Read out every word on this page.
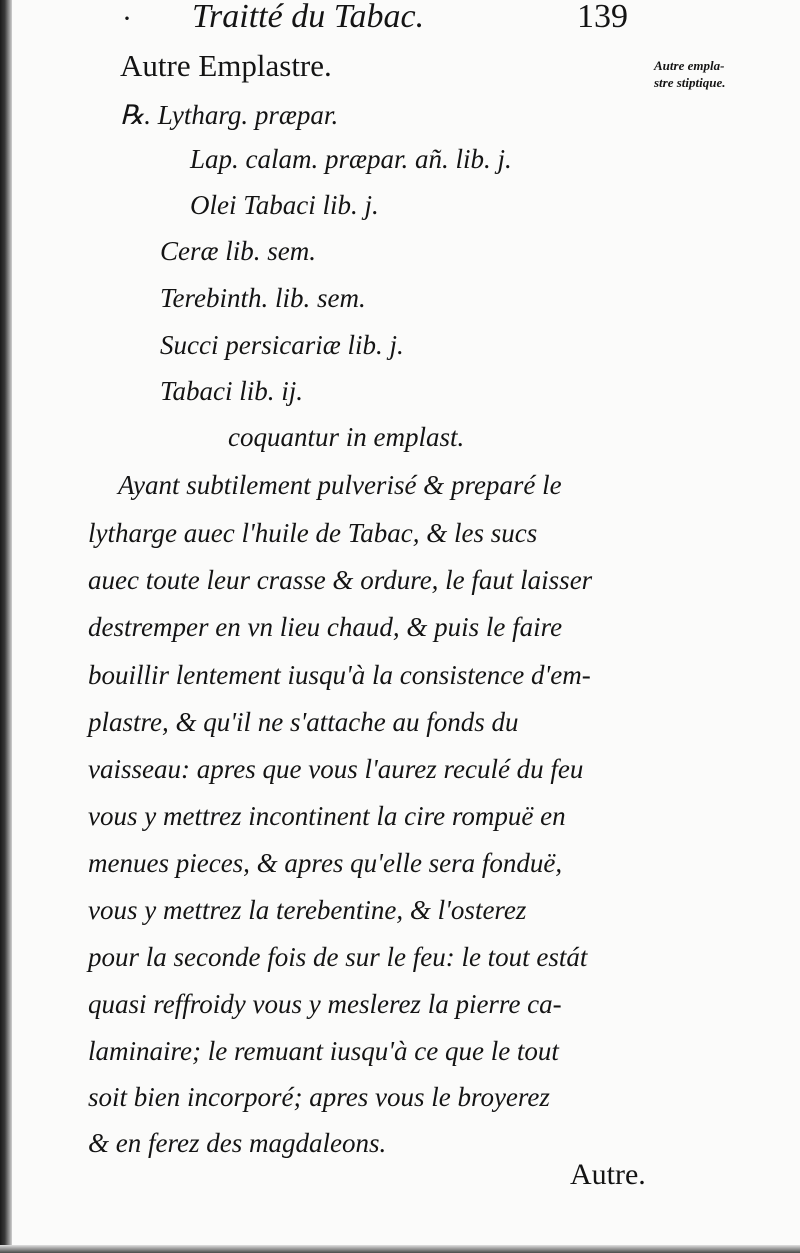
· Traitté du Tabac.	139
Autre Emplastre.	Autre empla-
stre stiptique.
℞. Lytharg. præpar.
Lap. calam. præpar. añ. lib. j.
Olei Tabaci lib. j.
Ceræ lib. sem.
Terebinth. lib. sem.
Succi persicariæ lib. j.
Tabaci lib. ij.
coquantur in emplast.
Ayant subtilement pulverisé & preparé le
lytharge auec l'huile de Tabac, & les sucs
auec toute leur crasse & ordure, le faut laisser
destremper en vn lieu chaud, & puis le faire
bouillir lentement iusqu'à la consistence d'em-
plastre, & qu'il ne s'attache au fonds du
vaisseau: apres que vous l'aurez reculé du feu
vous y mettrez incontinent la cire rompuë en
menues pieces, & apres qu'elle sera fonduë,
vous y mettrez la terebentine, & l'osterez
pour la seconde fois de sur le feu: le tout estát
quasi reffroidy vous y meslerez la pierre ca-
laminaire; le remuant iusqu'à ce que le tout
soit bien incorporé; apres vous le broyerez
& en ferez des magdaleons.
Autre.
